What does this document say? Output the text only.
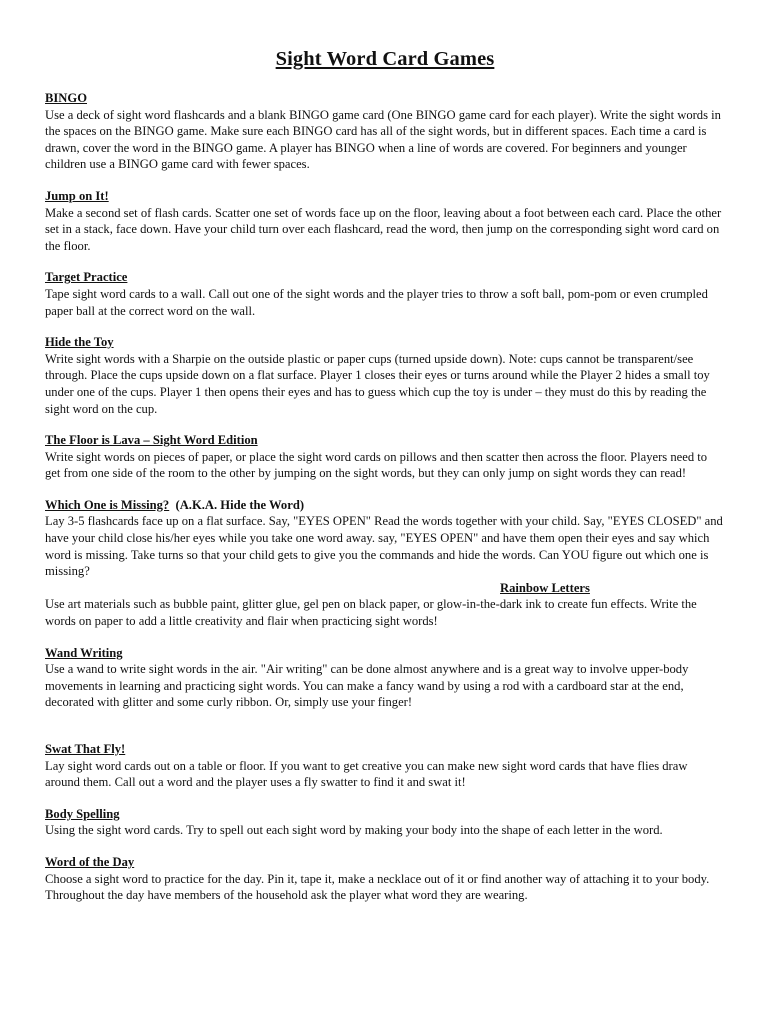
Sight Word Card Games
BINGO

Use a deck of sight word flashcards and a blank BINGO game card (One BINGO game card for each player). Write the sight words in the spaces on the BINGO game. Make sure each BINGO card has all of the sight words, but in different spaces. Each time a card is drawn, cover the word in the BINGO game. A player has BINGO when a line of words are covered. For beginners and younger children use a BINGO game card with fewer spaces.

Jump on It!

Make a second set of flash cards. Scatter one set of words face up on the floor, leaving about a foot between each card. Place the other set in a stack, face down. Have your child turn over each flashcard, read the word, then jump on the corresponding sight word card on the floor.

Target Practice

Tape sight word cards to a wall. Call out one of the sight words and the player tries to throw a soft ball, pom-pom or even crumpled paper ball at the correct word on the wall.

Hide the Toy

Write sight words with a Sharpie on the outside plastic or paper cups (turned upside down). Note: cups cannot be transparent/see through. Place the cups upside down on a flat surface. Player 1 closes their eyes or turns around while the Player 2 hides a small toy under one of the cups. Player 1 then opens their eyes and has to guess which cup the toy is under – they must do this by reading the sight word on the cup.

The Floor is Lava – Sight Word Edition

Write sight words on pieces of paper, or place the sight word cards on pillows and then scatter then across the floor. Players need to get from one side of the room to the other by jumping on the sight words, but they can only jump on sight words they can read!

Which One is Missing? (A.K.A. Hide the Word)

Lay 3-5 flashcards face up on a flat surface. Say, "EYES OPEN" Read the words together with your child. Say, "EYES CLOSED" and have your child close his/her eyes while you take one word away. say, "EYES OPEN" and have them open their eyes and say which word is missing. Take turns so that your child gets to give you the commands and hide the words. Can YOU figure out which one is missing?

Rainbow Letters

Use art materials such as bubble paint, glitter glue, gel pen on black paper, or glow-in-the-dark ink to create fun effects. Write the words on paper to add a little creativity and flair when practicing sight words!

Wand Writing

Use a wand to write sight words in the air. "Air writing" can be done almost anywhere and is a great way to involve upper-body movements in learning and practicing sight words. You can make a fancy wand by using a rod with a cardboard star at the end, decorated with glitter and some curly ribbon. Or, simply use your finger!

Swat That Fly!

Lay sight word cards out on a table or floor. If you want to get creative you can make new sight word cards that have flies draw around them. Call out a word and the player uses a fly swatter to find it and swat it!

Body Spelling

Using the sight word cards. Try to spell out each sight word by making your body into the shape of each letter in the word.

Word of the Day

Choose a sight word to practice for the day. Pin it, tape it, make a necklace out of it or find another way of attaching it to your body. Throughout the day have members of the household ask the player what word they are wearing.
